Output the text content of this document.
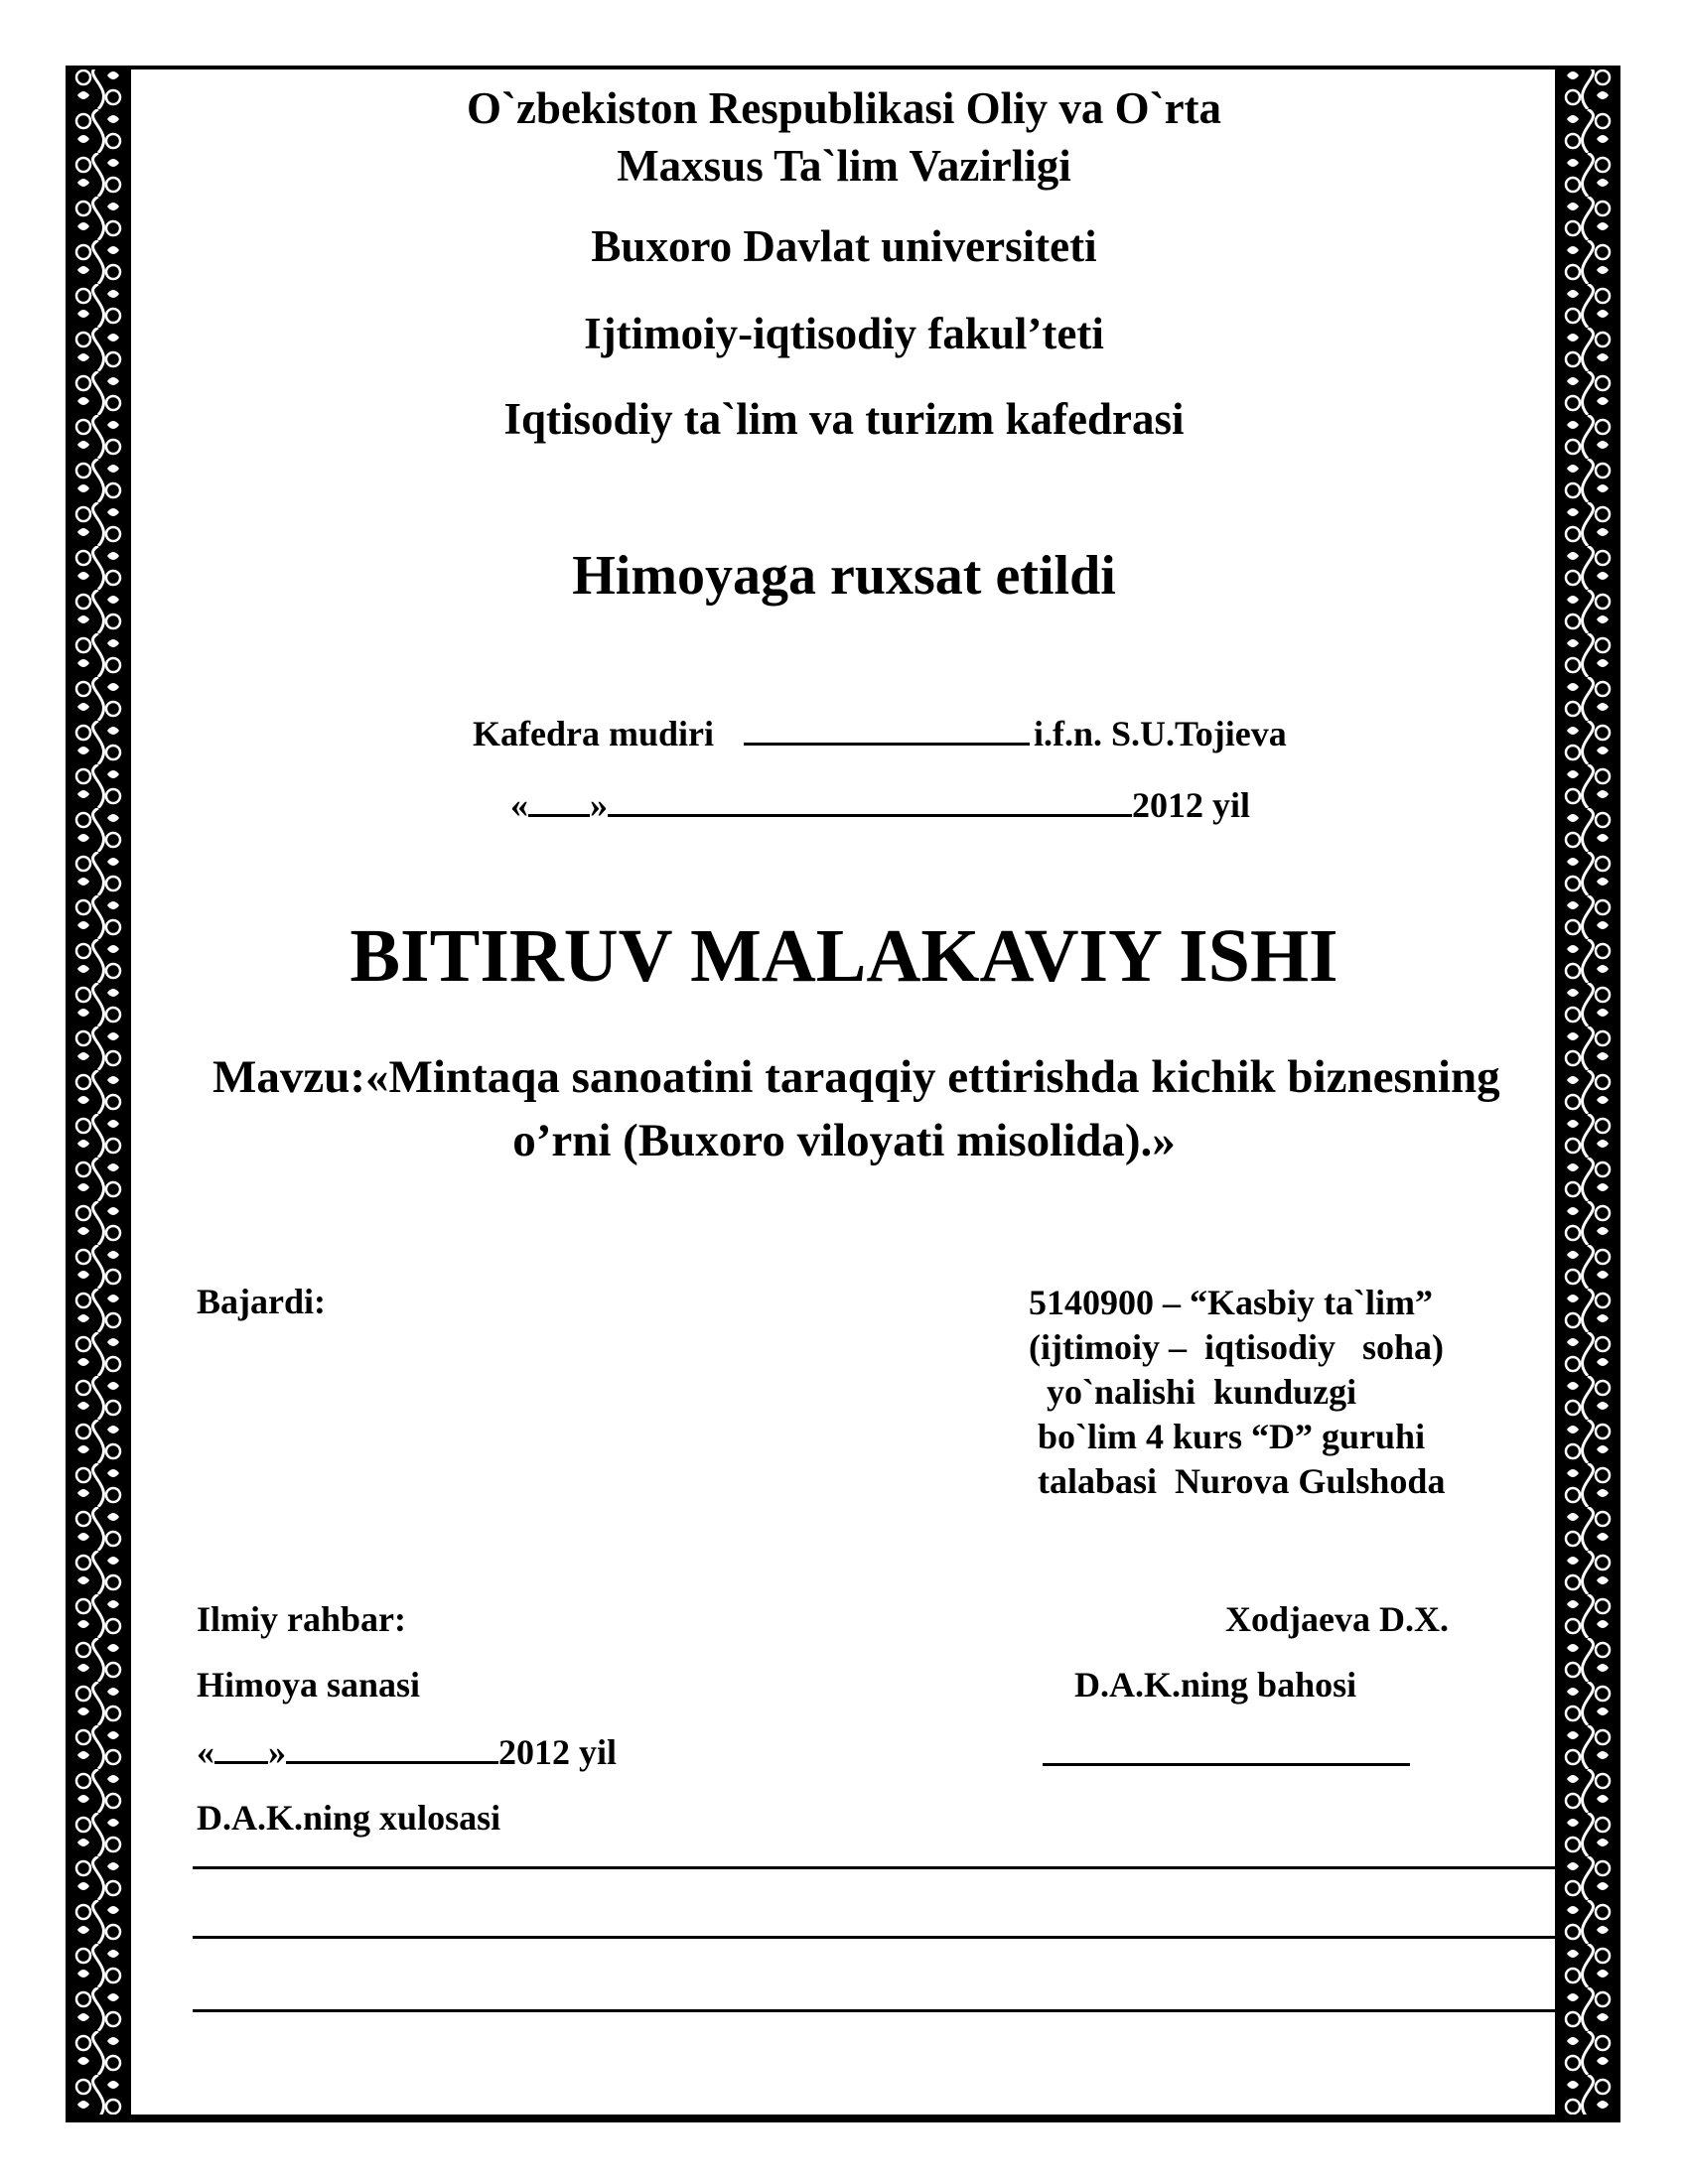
O`zbekiston Respublikasi Oliy va O`rta
Maxsus Ta`lim Vazirligi
Buxoro Davlat universiteti
Ijtimoiy-iqtisodiy fakul’teti
Iqtisodiy ta`lim va turizm kafedrasi
Himoyaga ruxsat etildi
Kafedra mudiri	i.f.n. S.U.Tojieva
« »	2012 yil
BITIRUV MALAKAVIY ISHI
Mavzu:«Mintaqa sanoatini taraqqiy ettirishda kichik biznesning
o’rni (Buxoro viloyati misolida).»
Bajardi:	5140900 – “Kasbiy ta`lim”
(ijtimoiy –  iqtisodiy   soha)
yo`nalishi  kunduzgi
bo`lim 4 kurs “D” guruhi
talabasi  Nurova Gulshoda
Ilmiy rahbar:	Xodjaeva D.X.
Himoya sanasi	D.A.K.ning bahosi
« »	2012 yil
D.A.K.ning xulosasi
